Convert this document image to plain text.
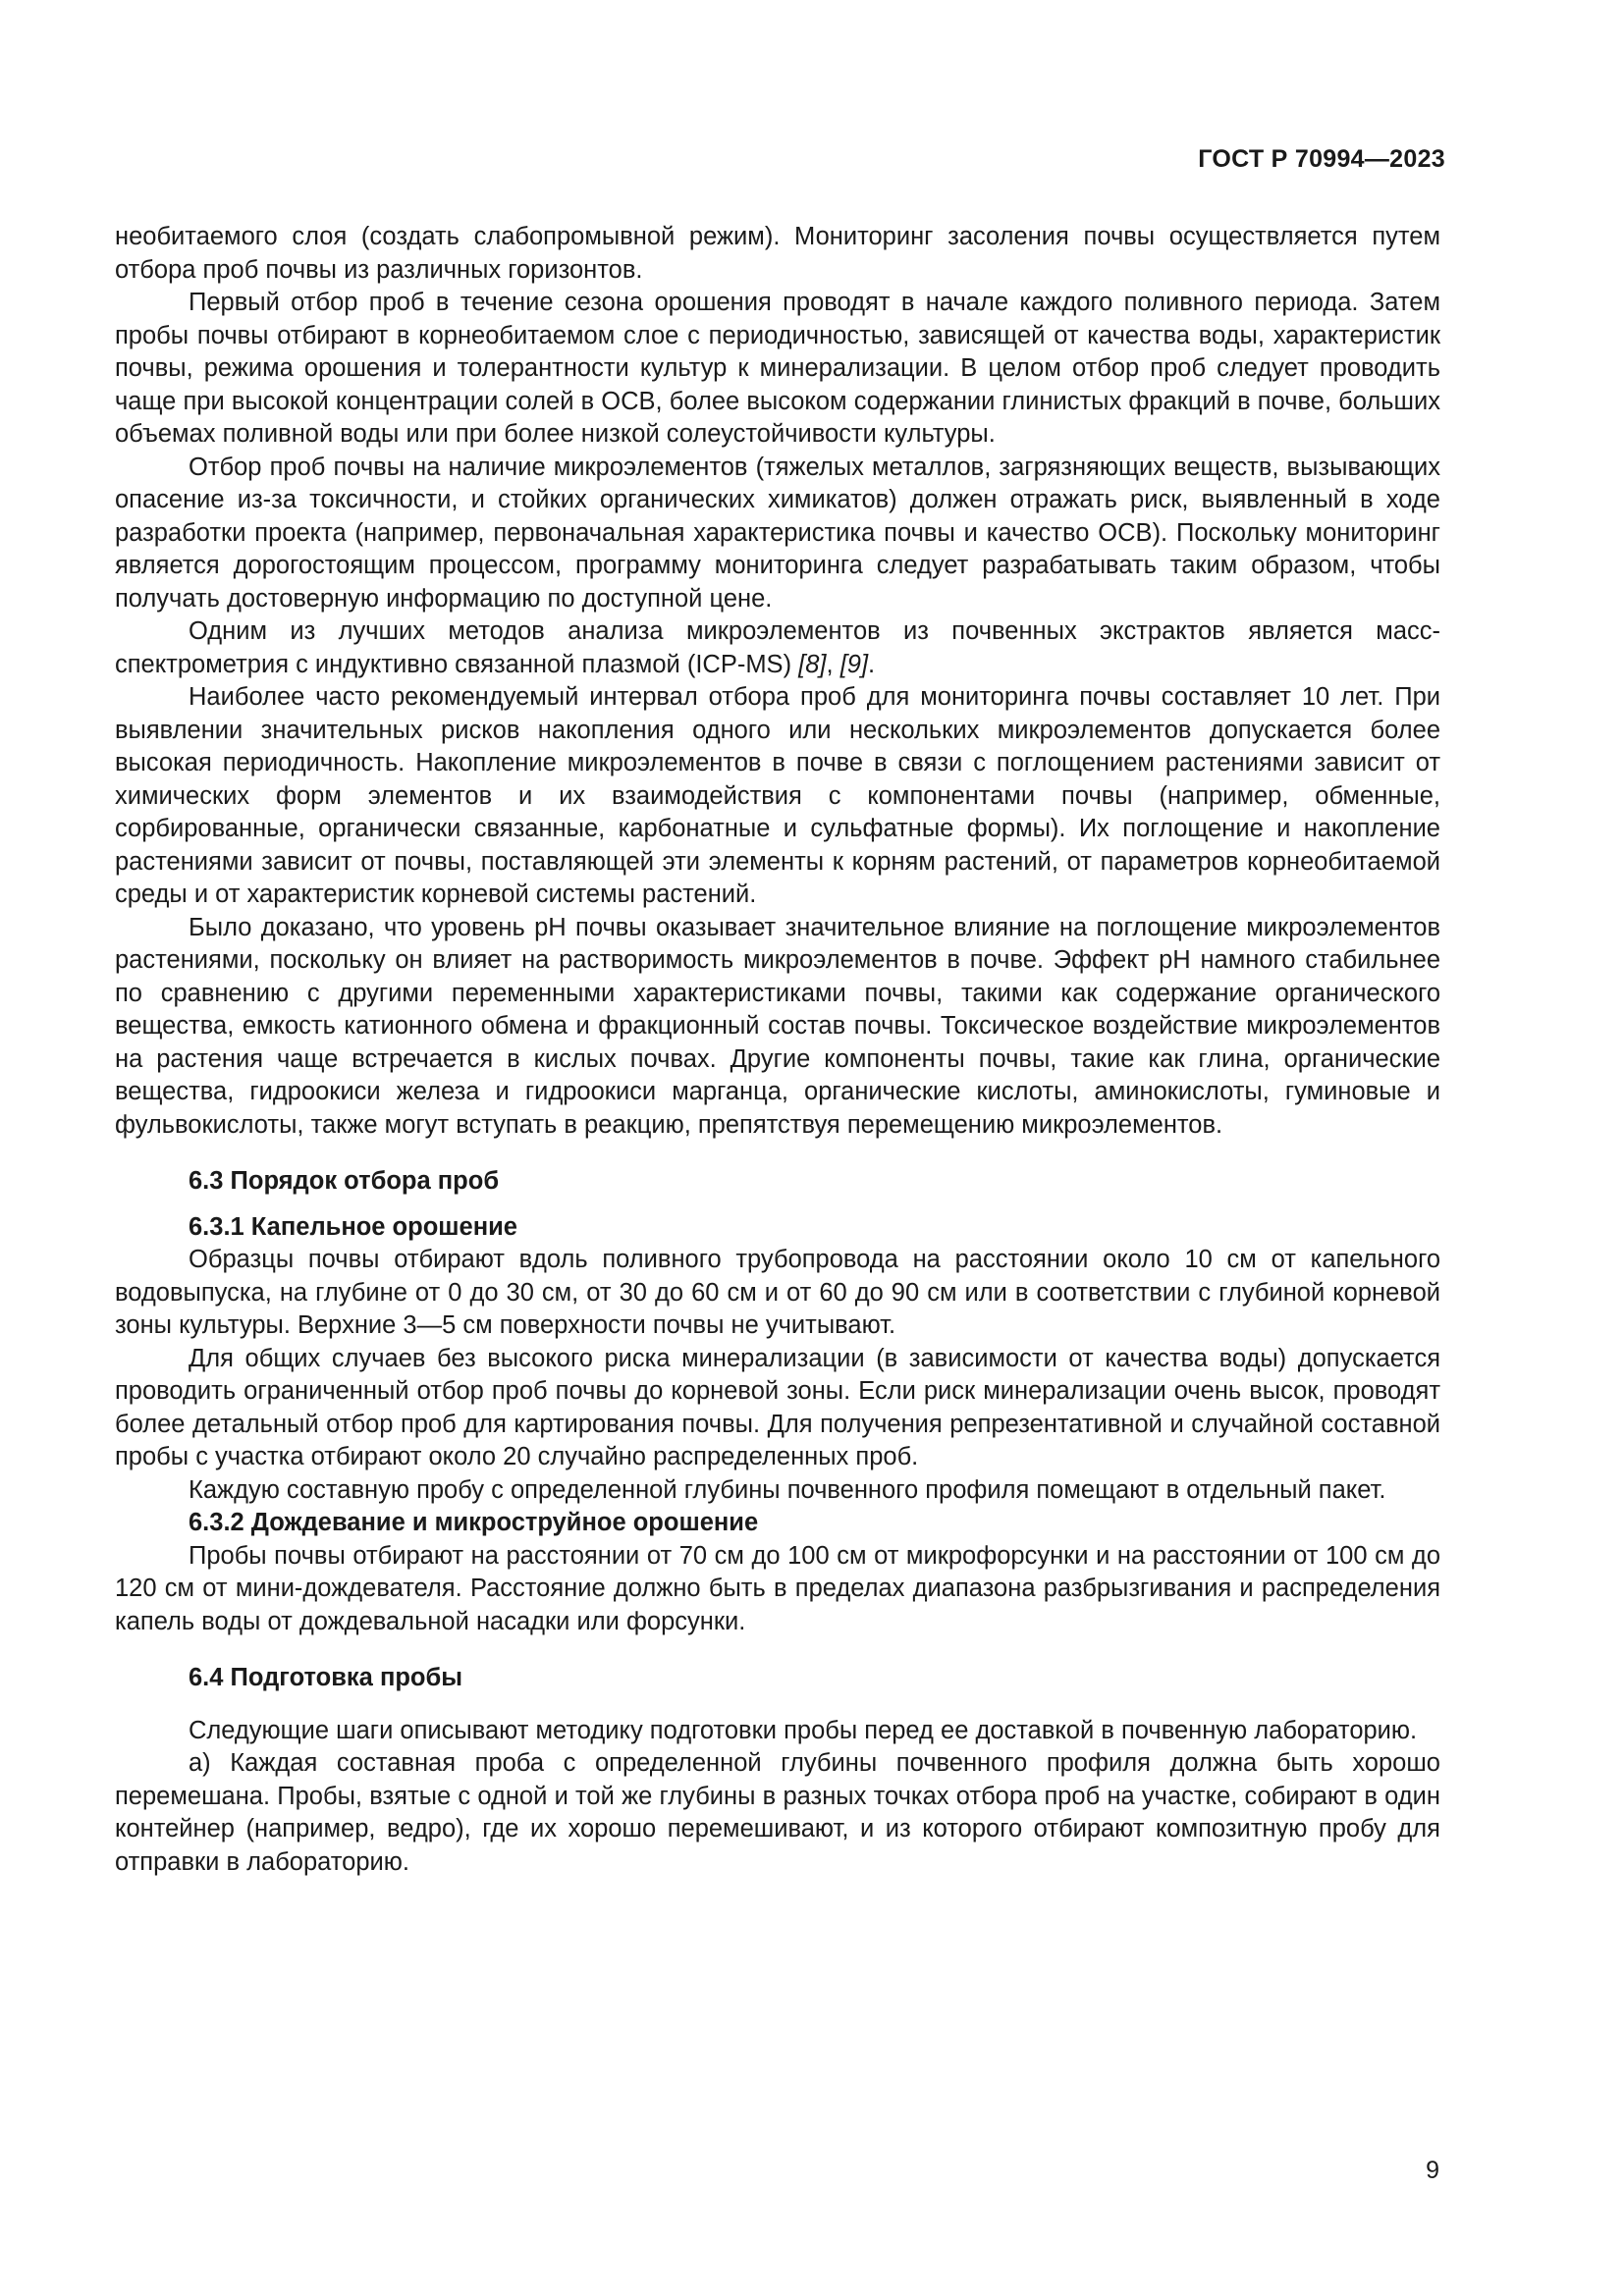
ГОСТ Р 70994—2023

необитаемого слоя (создать слабопромывной режим). Мониторинг засоления почвы осуществляется путем отбора проб почвы из различных горизонтов.

Первый отбор проб в течение сезона орошения проводят в начале каждого поливного периода. Затем пробы почвы отбирают в корнеобитаемом слое с периодичностью, зависящей от качества воды, характеристик почвы, режима орошения и толерантности культур к минерализации. В целом отбор проб следует проводить чаще при высокой концентрации солей в ОСВ, более высоком содержании глинистых фракций в почве, больших объемах поливной воды или при более низкой солеустойчивости культуры.

Отбор проб почвы на наличие микроэлементов (тяжелых металлов, загрязняющих веществ, вызывающих опасение из-за токсичности, и стойких органических химикатов) должен отражать риск, выявленный в ходе разработки проекта (например, первоначальная характеристика почвы и качество ОСВ). Поскольку мониторинг является дорогостоящим процессом, программу мониторинга следует разрабатывать таким образом, чтобы получать достоверную информацию по доступной цене.

Одним из лучших методов анализа микроэлементов из почвенных экстрактов является масс-спектрометрия с индуктивно связанной плазмой (ICP-MS) [8], [9].

Наиболее часто рекомендуемый интервал отбора проб для мониторинга почвы составляет 10 лет. При выявлении значительных рисков накопления одного или нескольких микроэлементов допускается более высокая периодичность. Накопление микроэлементов в почве в связи с поглощением растениями зависит от химических форм элементов и их взаимодействия с компонентами почвы (например, обменные, сорбированные, органически связанные, карбонатные и сульфатные формы). Их поглощение и накопление растениями зависит от почвы, поставляющей эти элементы к корням растений, от параметров корнеобитаемой среды и от характеристик корневой системы растений.

Было доказано, что уровень pH почвы оказывает значительное влияние на поглощение микроэлементов растениями, поскольку он влияет на растворимость микроэлементов в почве. Эффект pH намного стабильнее по сравнению с другими переменными характеристиками почвы, такими как содержание органического вещества, емкость катионного обмена и фракционный состав почвы. Токсическое воздействие микроэлементов на растения чаще встречается в кислых почвах. Другие компоненты почвы, такие как глина, органические вещества, гидроокиси железа и гидроокиси марганца, органические кислоты, аминокислоты, гуминовые и фульвокислоты, также могут вступать в реакцию, препятствуя перемещению микроэлементов.

6.3 Порядок отбора проб

6.3.1 Капельное орошение

Образцы почвы отбирают вдоль поливного трубопровода на расстоянии около 10 см от капельного водовыпуска, на глубине от 0 до 30 см, от 30 до 60 см и от 60 до 90 см или в соответствии с глубиной корневой зоны культуры. Верхние 3—5 см поверхности почвы не учитывают.

Для общих случаев без высокого риска минерализации (в зависимости от качества воды) допускается проводить ограниченный отбор проб почвы до корневой зоны. Если риск минерализации очень высок, проводят более детальный отбор проб для картирования почвы. Для получения репрезентативной и случайной составной пробы с участка отбирают около 20 случайно распределенных проб.

Каждую составную пробу с определенной глубины почвенного профиля помещают в отдельный пакет.

6.3.2 Дождевание и микроструйное орошение

Пробы почвы отбирают на расстоянии от 70 см до 100 см от микрофорсунки и на расстоянии от 100 см до 120 см от мини-дождевателя. Расстояние должно быть в пределах диапазона разбрызгивания и распределения капель воды от дождевальной насадки или форсунки.

6.4 Подготовка пробы

Следующие шаги описывают методику подготовки пробы перед ее доставкой в почвенную лабораторию.

а) Каждая составная проба с определенной глубины почвенного профиля должна быть хорошо перемешана. Пробы, взятые с одной и той же глубины в разных точках отбора проб на участке, собирают в один контейнер (например, ведро), где их хорошо перемешивают, и из которого отбирают композитную пробу для отправки в лабораторию.

9
